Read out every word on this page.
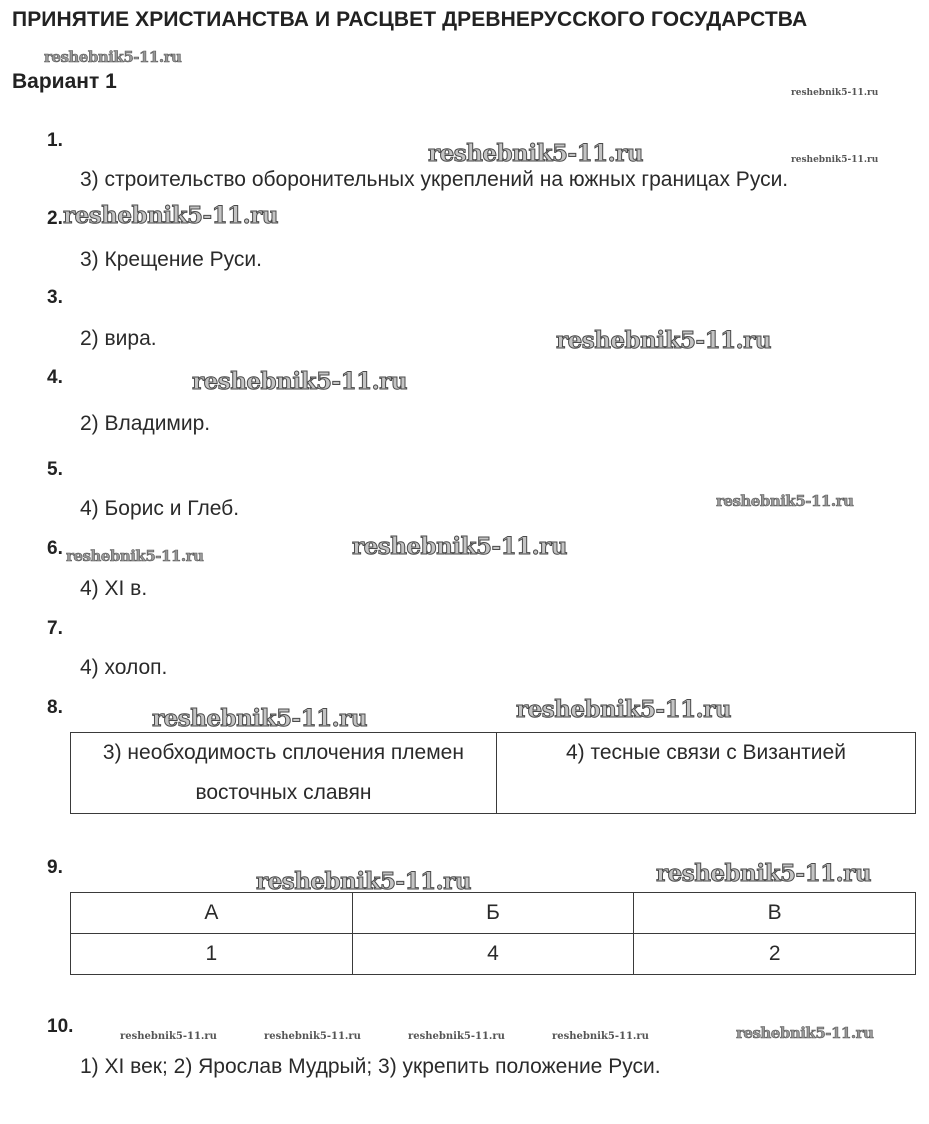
ПРИНЯТИЕ ХРИСТИАНСТВА И РАСЦВЕТ ДРЕВНЕРУССКОГО ГОСУДАРСТВА
Вариант 1
1.
3) строительство оборонительных укреплений на южных границах Руси.
2.
3) Крещение Руси.
3.
2) вира.
4.
2) Владимир.
5.
4) Борис и Глеб.
6.
4) XI в.
7.
4) холоп.
8.
3) необходимость сплочения племен восточных славян	4) тесные связи с Византией
9.
А	Б	В
1	4	2
10.
1) XI век; 2) Ярослав Мудрый; 3) укрепить положение Руси.
reshebnik5-11.ru
reshebnik5-11.ru
reshebnik5-11.ru	reshebnik5-11.ru
reshebnik5-11.ru
reshebnik5-11.ru
reshebnik5-11.ru
reshebnik5-11.ru
reshebnik5-11.ru
reshebnik5-11.ru
reshebnik5-11.ru
reshebnik5-11.ru
reshebnik5-11.ru
reshebnik5-11.ru
reshebnik5-11.ru
reshebnik5-11.ru	reshebnik5-11.ru	reshebnik5-11.ru	reshebnik5-11.ru
